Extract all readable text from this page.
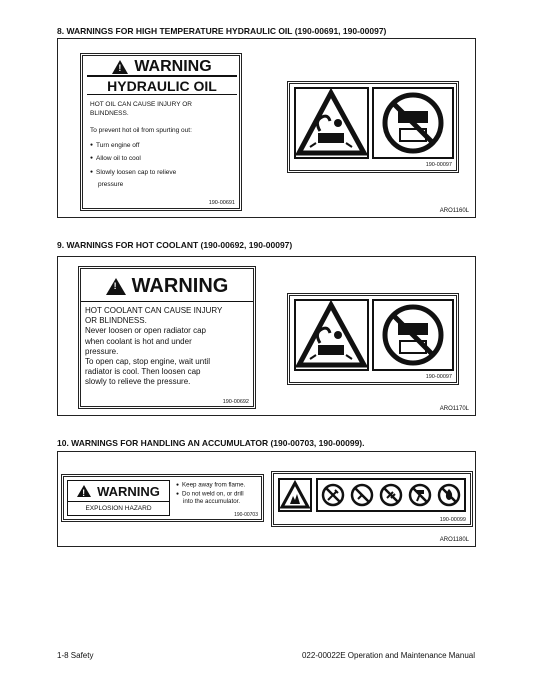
8. WARNINGS FOR HIGH TEMPERATURE HYDRAULIC OIL (190-00691, 190-00097)
!
WARNING
HYDRAULIC OIL
HOT OIL CAN CAUSE INJURY OR
BLINDNESS.
To prevent hot oil from spurting out:
● Turn engine off
● Allow oil to cool
● Slowly loosen cap to relieve
pressure
190-00691
190-00097
ARO1160L
9. WARNINGS FOR HOT COOLANT (190-00692, 190-00097)
!
WARNING
HOT COOLANT CAN CAUSE INJURY
OR BLINDNESS.
Never loosen or open radiator cap
when coolant is hot and under
pressure.
To open cap, stop engine, wait until
radiator is cool. Then loosen cap
slowly to relieve the pressure.
190-00692
190-00097
ARO1170L
10. WARNINGS FOR HANDLING AN ACCUMULATOR (190-00703, 190-00099).
!
WARNING
EXPLOSION HAZARD
● Keep away from flame.
● Do not weld on, or drill
into the accumulator.
190-00703
190-00099
ARO1180L
1-8 Safety	022-00022E Operation and Maintenance Manual
